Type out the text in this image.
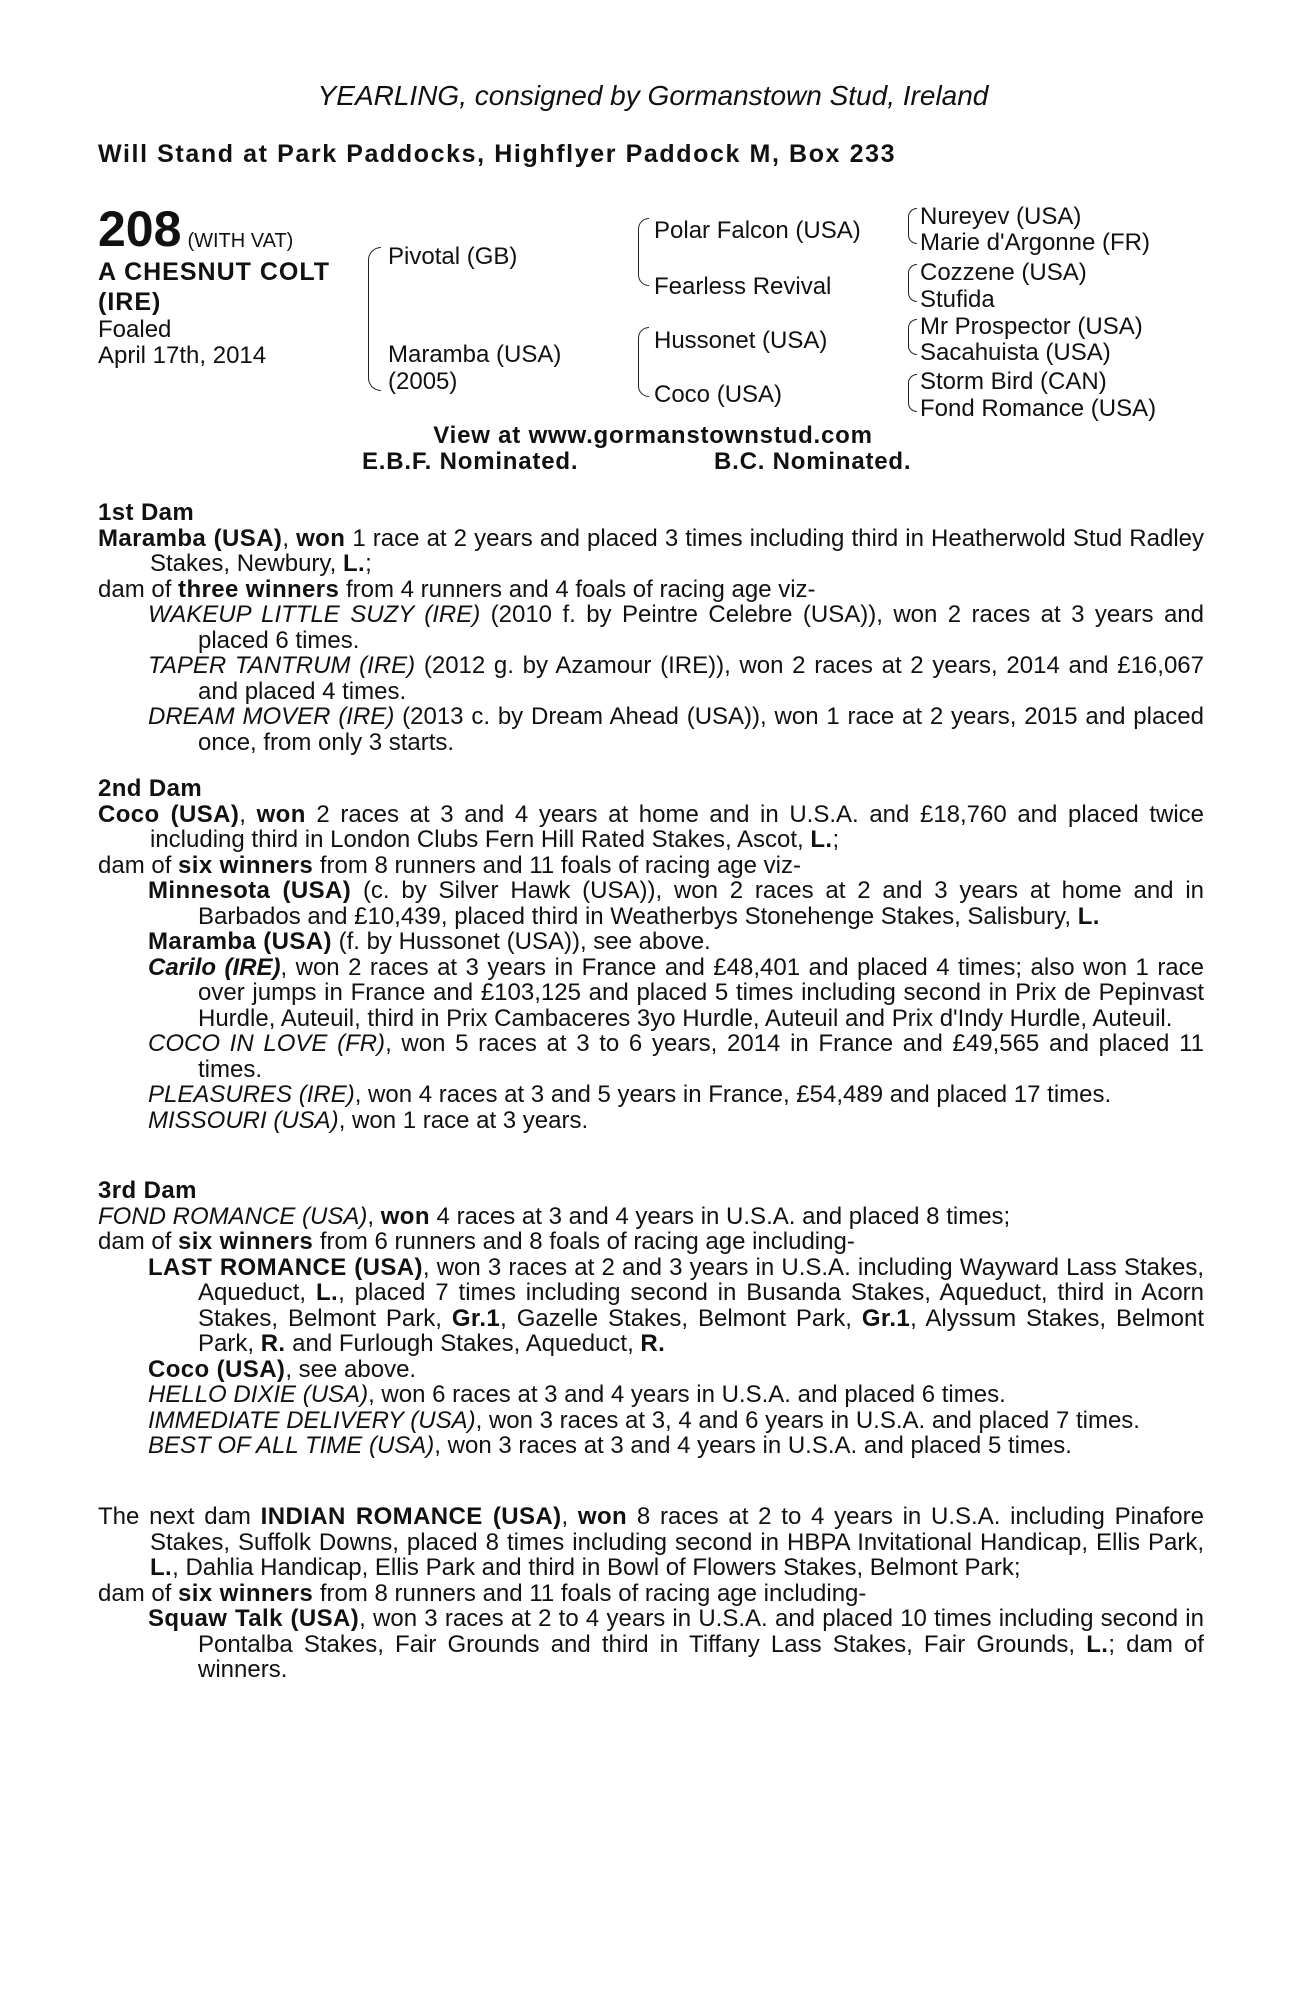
YEARLING, consigned by Gormanstown Stud, Ireland
Will Stand at Park Paddocks, Highflyer Paddock M, Box 233
208 (WITH VAT)
A CHESNUT COLT
(IRE)
Foaled
April 17th, 2014
Pivotal (GB)
Maramba (USA)
(2005)
Polar Falcon (USA)
Fearless Revival
Hussonet (USA)
Coco (USA)
Nureyev (USA)
Marie d'Argonne (FR)
Cozzene (USA)
Stufida
Mr Prospector (USA)
Sacahuista (USA)
Storm Bird (CAN)
Fond Romance (USA)
View at www.gormanstownstud.com
E.B.F. Nominated.	B.C. Nominated.
1st Dam

Maramba (USA), won 1 race at 2 years and placed 3 times including third in Heatherwold Stud Radley Stakes, Newbury, L.;

dam of three winners from 4 runners and 4 foals of racing age viz-

WAKEUP LITTLE SUZY (IRE) (2010 f. by Peintre Celebre (USA)), won 2 races at 3 years and placed 6 times.

TAPER TANTRUM (IRE) (2012 g. by Azamour (IRE)), won 2 races at 2 years, 2014 and £16,067 and placed 4 times.

DREAM MOVER (IRE) (2013 c. by Dream Ahead (USA)), won 1 race at 2 years, 2015 and placed once, from only 3 starts.

2nd Dam

Coco (USA), won 2 races at 3 and 4 years at home and in U.S.A. and £18,760 and placed twice including third in London Clubs Fern Hill Rated Stakes, Ascot, L.;

dam of six winners from 8 runners and 11 foals of racing age viz-

Minnesota (USA) (c. by Silver Hawk (USA)), won 2 races at 2 and 3 years at home and in Barbados and £10,439, placed third in Weatherbys Stonehenge Stakes, Salisbury, L.

Maramba (USA) (f. by Hussonet (USA)), see above.

Carilo (IRE), won 2 races at 3 years in France and £48,401 and placed 4 times; also won 1 race over jumps in France and £103,125 and placed 5 times including second in Prix de Pepinvast Hurdle, Auteuil, third in Prix Cambaceres 3yo Hurdle, Auteuil and Prix d'Indy Hurdle, Auteuil.

COCO IN LOVE (FR), won 5 races at 3 to 6 years, 2014 in France and £49,565 and placed 11 times.

PLEASURES (IRE), won 4 races at 3 and 5 years in France, £54,489 and placed 17 times.

MISSOURI (USA), won 1 race at 3 years.

3rd Dam

FOND ROMANCE (USA), won 4 races at 3 and 4 years in U.S.A. and placed 8 times;

dam of six winners from 6 runners and 8 foals of racing age including-

LAST ROMANCE (USA), won 3 races at 2 and 3 years in U.S.A. including Wayward Lass Stakes, Aqueduct, L., placed 7 times including second in Busanda Stakes, Aqueduct, third in Acorn Stakes, Belmont Park, Gr.1, Gazelle Stakes, Belmont Park, Gr.1, Alyssum Stakes, Belmont Park, R. and Furlough Stakes, Aqueduct, R.

Coco (USA), see above.

HELLO DIXIE (USA), won 6 races at 3 and 4 years in U.S.A. and placed 6 times.

IMMEDIATE DELIVERY (USA), won 3 races at 3, 4 and 6 years in U.S.A. and placed 7 times.

BEST OF ALL TIME (USA), won 3 races at 3 and 4 years in U.S.A. and placed 5 times.

The next dam INDIAN ROMANCE (USA), won 8 races at 2 to 4 years in U.S.A. including Pinafore Stakes, Suffolk Downs, placed 8 times including second in HBPA Invitational Handicap, Ellis Park, L., Dahlia Handicap, Ellis Park and third in Bowl of Flowers Stakes, Belmont Park;

dam of six winners from 8 runners and 11 foals of racing age including-

Squaw Talk (USA), won 3 races at 2 to 4 years in U.S.A. and placed 10 times including second in Pontalba Stakes, Fair Grounds and third in Tiffany Lass Stakes, Fair Grounds, L.; dam of winners.
